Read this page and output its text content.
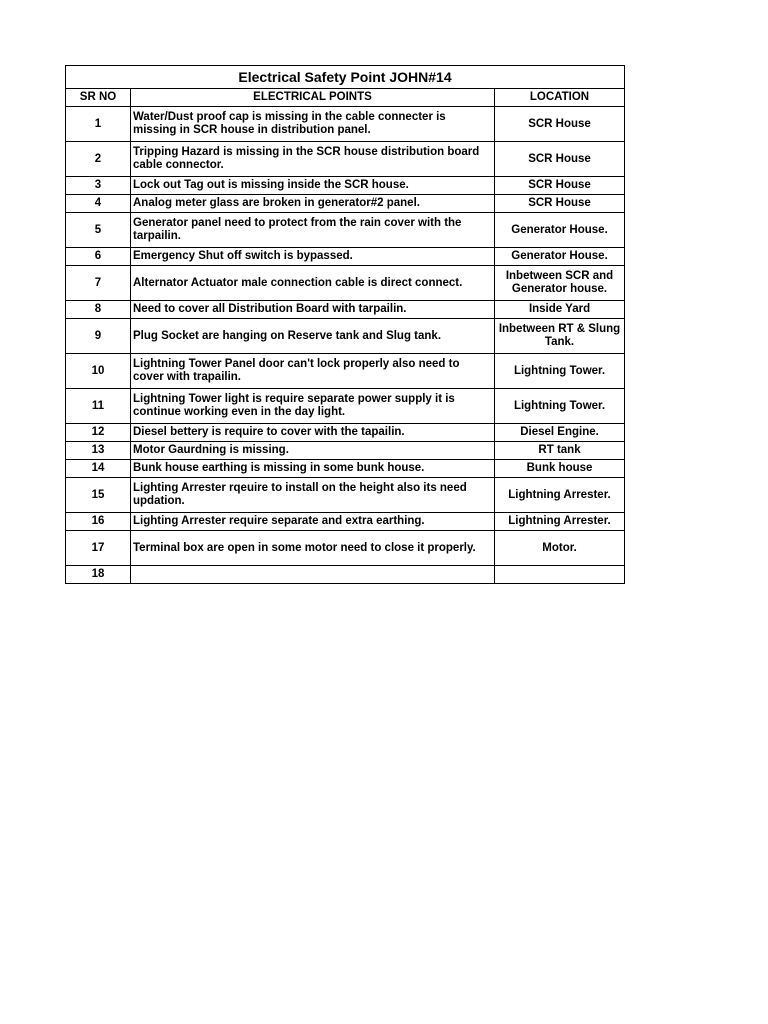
Electrical Safety Point JOHN#14		
SR NO	ELECTRICAL POINTS	LOCATION
1	Water/Dust proof cap is missing in the cable connecter is missing in SCR house in distribution panel.	SCR House
2	Tripping Hazard is missing in the SCR house distribution board cable connector.	SCR House
3	Lock out Tag out is missing inside the SCR house.	SCR House
4	Analog meter glass are broken in generator#2 panel.	SCR House
5	Generator panel need to protect from the rain cover with the tarpailin.	Generator House.
6	Emergency Shut off switch is bypassed.	Generator House.
7	Alternator Actuator male connection cable is direct connect.	Inbetween SCR and Generator house.
8	Need to cover all Distribution Board with tarpailin.	Inside Yard
9	Plug Socket are hanging on Reserve tank and Slug tank.	Inbetween RT & Slung Tank.
10	Lightning Tower Panel door can't lock properly also need to cover with trapailin.	Lightning Tower.
11	Lightning Tower light is require separate power supply it is continue working even in the day light.	Lightning Tower.
12	Diesel bettery is require to cover with the tapailin.	Diesel Engine.
13	Motor Gaurdning is missing.	RT tank
14	Bunk house earthing is missing in some bunk house.	Bunk house
15	Lighting Arrester rqeuire to install on the height also its need updation.	Lightning Arrester.
16	Lighting Arrester require separate and extra earthing.	Lightning Arrester.
17	Terminal box are open in some motor need to close it properly.	Motor.
18		
